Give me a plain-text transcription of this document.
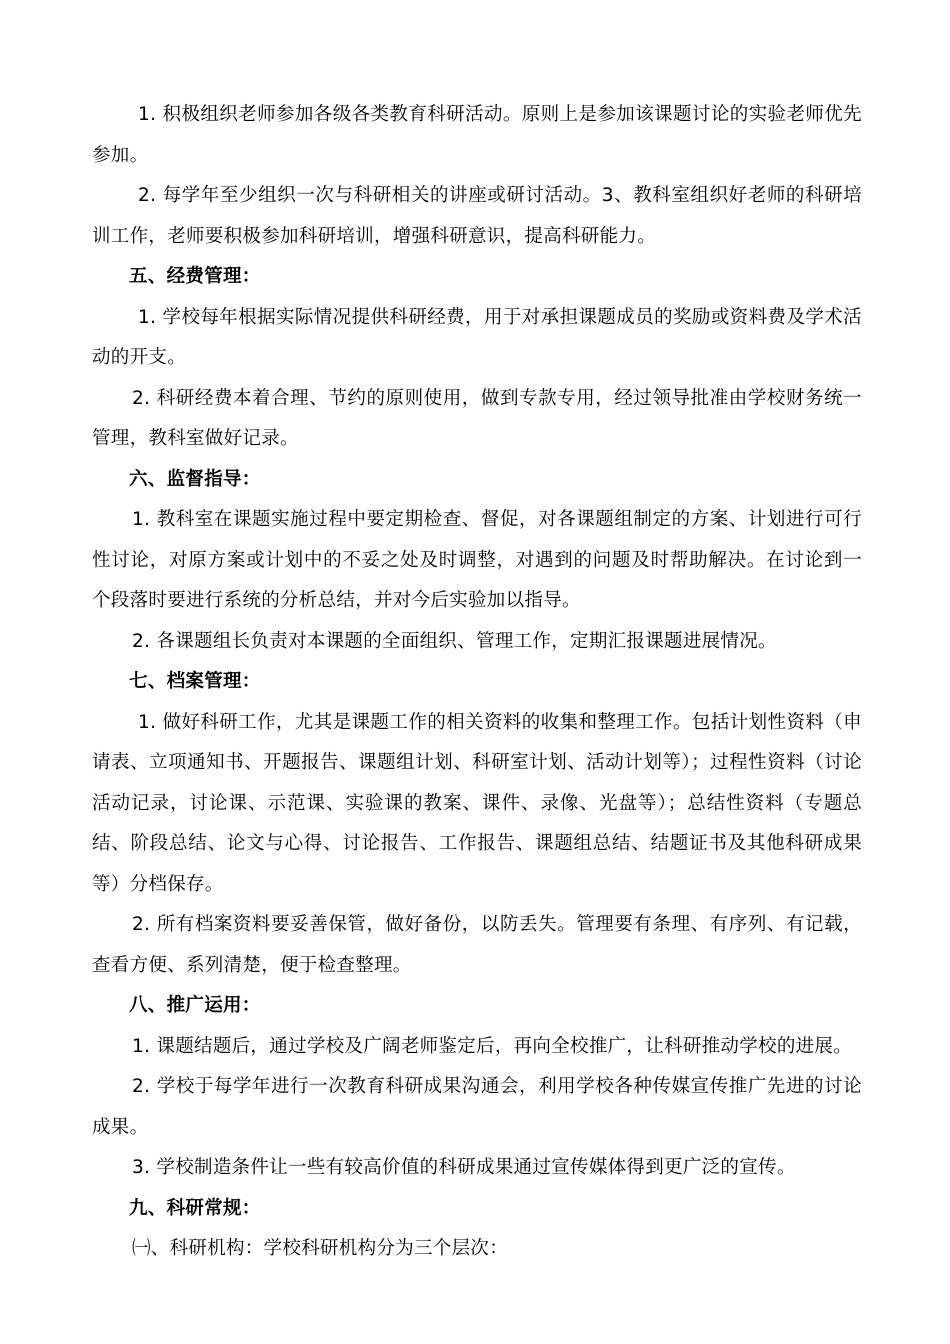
1. 积极组织老师参加各级各类教育科研活动。原则上是参加该课题讨论的实验老师优先参加。

2. 每学年至少组织一次与科研相关的讲座或研讨活动。3、教科室组织好老师的科研培训工作，老师要积极参加科研培训，增强科研意识，提高科研能力。

五、经费管理：

1. 学校每年根据实际情况提供科研经费，用于对承担课题成员的奖励或资料费及学术活动的开支。

2. 科研经费本着合理、节约的原则使用，做到专款专用，经过领导批准由学校财务统一管理，教科室做好记录。

六、监督指导：

1. 教科室在课题实施过程中要定期检查、督促，对各课题组制定的方案、计划进行可行性讨论，对原方案或计划中的不妥之处及时调整，对遇到的问题及时帮助解决。在讨论到一个段落时要进行系统的分析总结，并对今后实验加以指导。

2. 各课题组长负责对本课题的全面组织、管理工作，定期汇报课题进展情况。

七、档案管理：

1. 做好科研工作，尤其是课题工作的相关资料的收集和整理工作。包括计划性资料（申请表、立项通知书、开题报告、课题组计划、科研室计划、活动计划等）；过程性资料（讨论活动记录，讨论课、示范课、实验课的教案、课件、录像、光盘等）；总结性资料（专题总结、阶段总结、论文与心得、讨论报告、工作报告、课题组总结、结题证书及其他科研成果等）分档保存。

2. 所有档案资料要妥善保管，做好备份，以防丢失。管理要有条理、有序列、有记载，查看方便、系列清楚，便于检查整理。

八、推广运用：

1. 课题结题后，通过学校及广阔老师鉴定后，再向全校推广，让科研推动学校的进展。

2. 学校于每学年进行一次教育科研成果沟通会，利用学校各种传媒宣传推广先进的讨论成果。

3. 学校制造条件让一些有较高价值的科研成果通过宣传媒体得到更广泛的宣传。

九、科研常规：

㈠、科研机构：学校科研机构分为三个层次：
